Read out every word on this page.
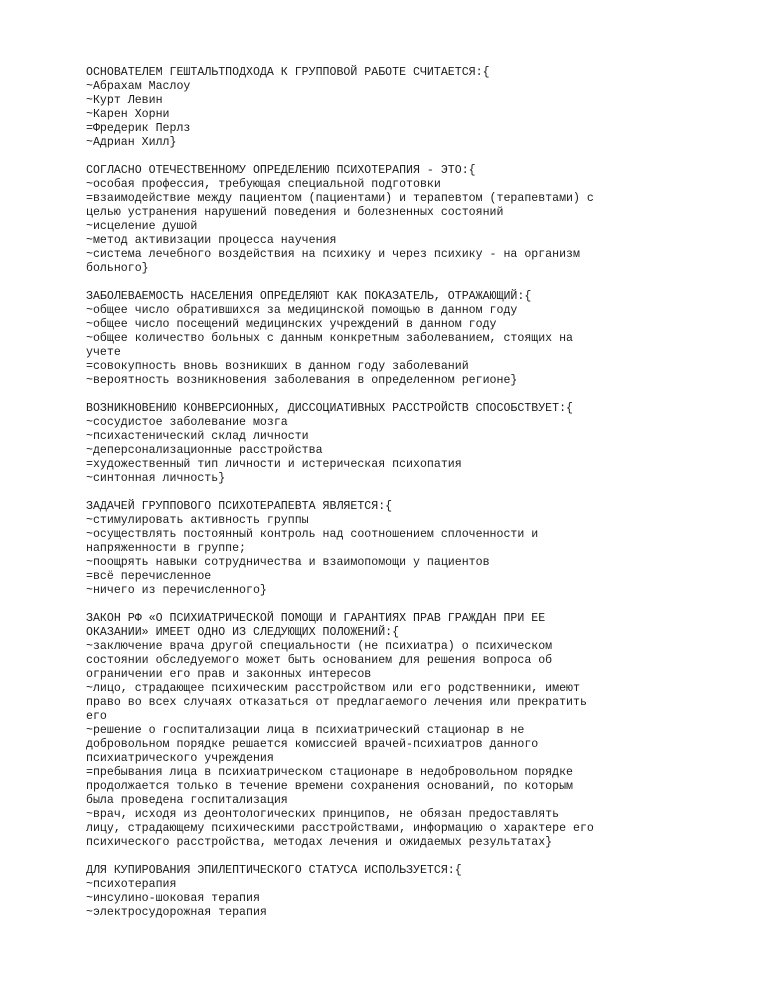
ОСНОВАТЕЛЕМ ГЕШТАЛЬТПОДХОДА К ГРУППОВОЙ РАБОТЕ СЧИТАЕТСЯ:{
~Абрахам Маслоу
~Курт Левин
~Карен Хорни
=Фредерик Перлз
~Адриан Хилл}
СОГЛАСНО ОТЕЧЕСТВЕННОМУ ОПРЕДЕЛЕНИЮ ПСИХОТЕРАПИЯ - ЭТО:{
~особая профессия, требующая специальной подготовки
=взаимодействие между пациентом (пациентами) и терапевтом (терапевтами) с
целью устранения нарушений поведения и болезненных состояний
~исцеление душой
~метод активизации процесса научения
~система лечебного воздействия на психику и через психику - на организм
больного}
ЗАБОЛЕВАЕМОСТЬ НАСЕЛЕНИЯ ОПРЕДЕЛЯЮТ КАК ПОКАЗАТЕЛЬ, ОТРАЖАЮЩИЙ:{
~общее число обратившихся за медицинской помощью в данном году
~общее число посещений медицинских учреждений в данном году
~общее количество больных с данным конкретным заболеванием, стоящих на
учете
=совокупность вновь возникших в данном году заболеваний
~вероятность возникновения заболевания в определенном регионе}
ВОЗНИКНОВЕНИЮ КОНВЕРСИОННЫХ, ДИССОЦИАТИВНЫХ РАССТРОЙСТВ СПОСОБСТВУЕТ:{
~сосудистое заболевание мозга
~психастенический склад личности
~деперсонализационные расстройства
=художественный тип личности и истерическая психопатия
~синтонная личность}
ЗАДАЧЕЙ ГРУППОВОГО ПСИХОТЕРАПЕВТА ЯВЛЯЕТСЯ:{
~стимулировать активность группы
~осуществлять постоянный контроль над соотношением сплоченности и
напряженности в группе;
~поощрять навыки сотрудничества и взаимопомощи у пациентов
=всё перечисленное
~ничего из перечисленного}
ЗАКОН РФ «О ПСИХИАТРИЧЕСКОЙ ПОМОЩИ И ГАРАНТИЯХ ПРАВ ГРАЖДАН ПРИ ЕЕ
ОКАЗАНИИ» ИМЕЕТ ОДНО ИЗ СЛЕДУЮЩИХ ПОЛОЖЕНИЙ:{
~заключение врача другой специальности (не психиатра) о психическом
состоянии обследуемого может быть основанием для решения вопроса об
ограничении его прав и законных интересов
~лицо, страдающее психическим расстройством или его родственники, имеют
право во всех случаях отказаться от предлагаемого лечения или прекратить
его
~решение о госпитализации лица в психиатрический стационар в не
добровольном порядке решается комиссией врачей-психиатров данного
психиатрического учреждения
=пребывания лица в психиатрическом стационаре в недобровольном порядке
продолжается только в течение времени сохранения оснований, по которым
была проведена госпитализация
~врач, исходя из деонтологических принципов, не обязан предоставлять
лицу, страдающему психическими расстройствами, информацию о характере его
психического расстройства, методах лечения и ожидаемых результатах}
ДЛЯ КУПИРОВАНИЯ ЭПИЛЕПТИЧЕСКОГО СТАТУСА ИСПОЛЬЗУЕТСЯ:{
~психотерапия
~инсулино-шоковая терапия
~электросудорожная терапия
